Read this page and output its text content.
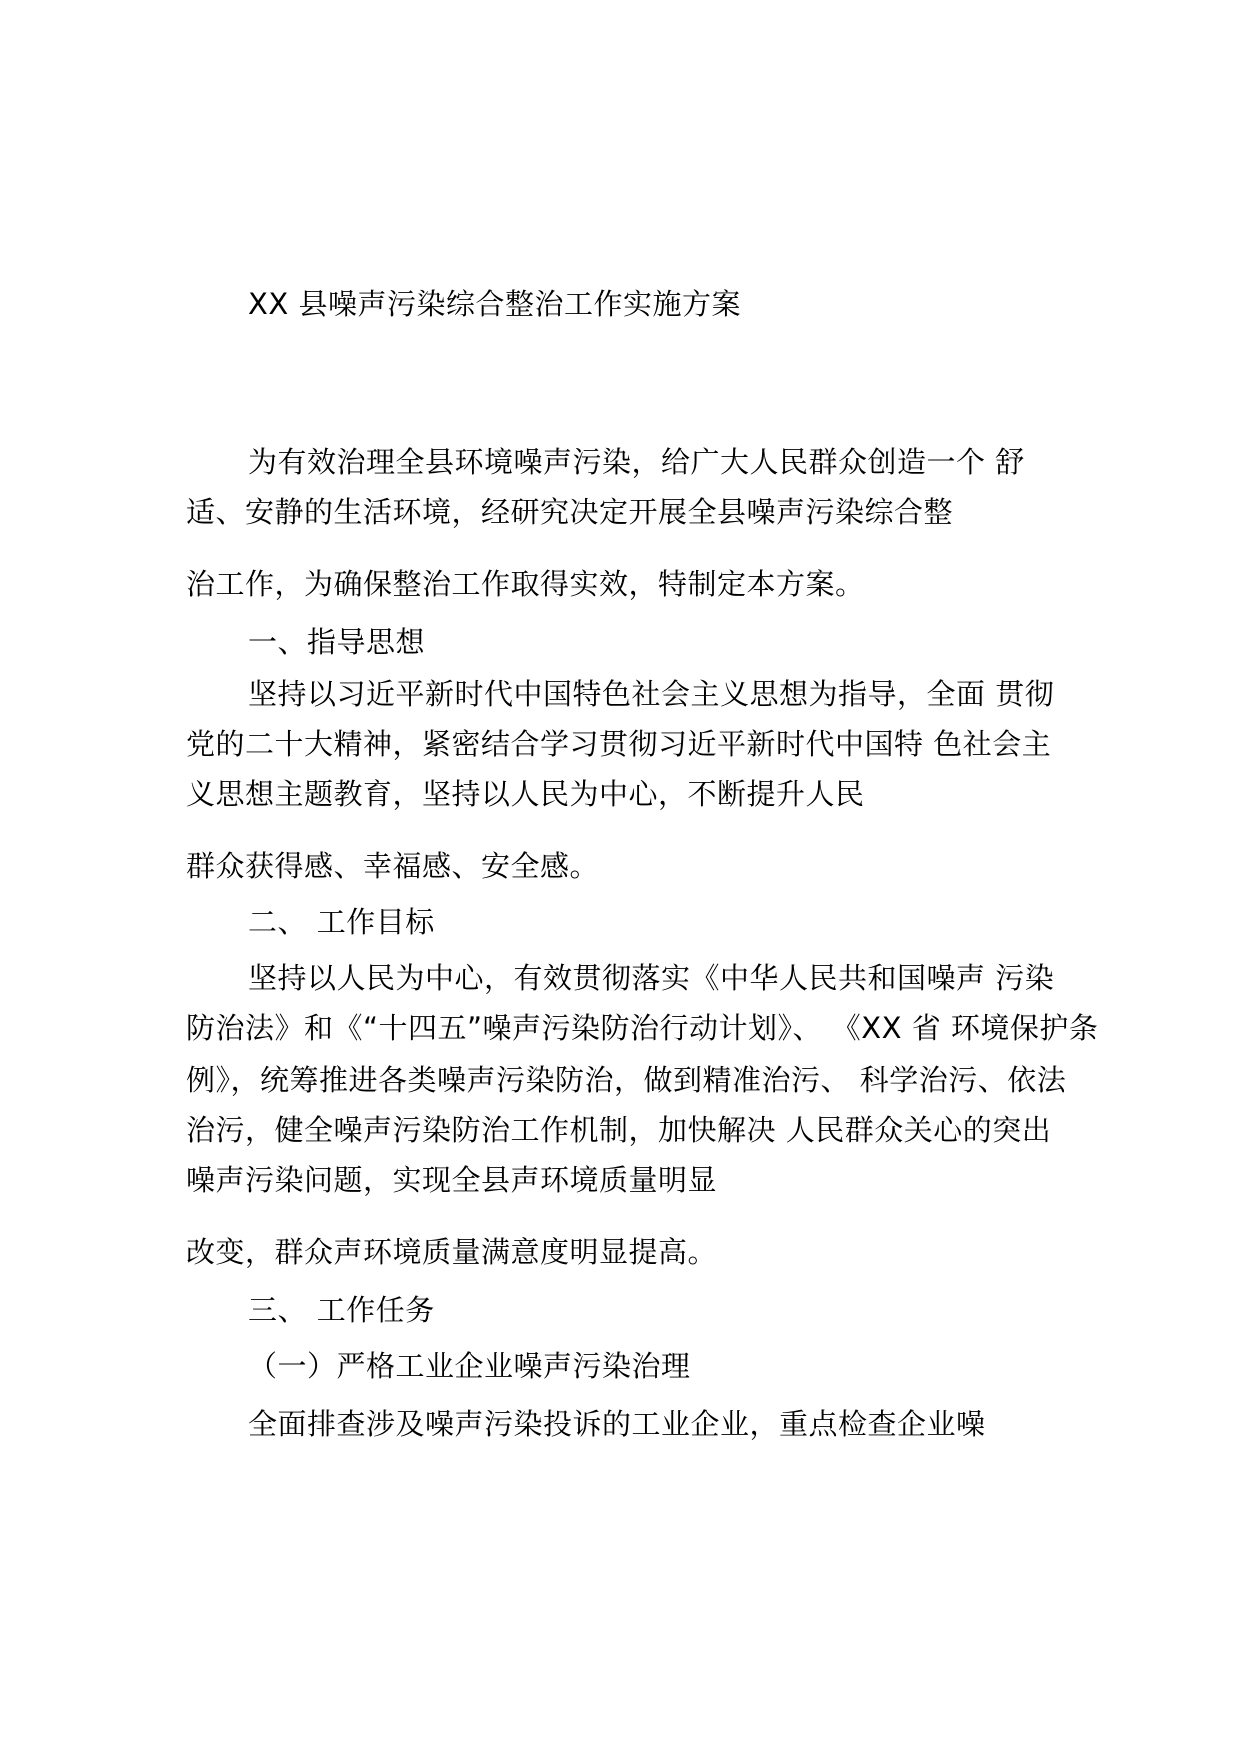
XX 县噪声污染综合整治工作实施方案
为有效治理全县环境噪声污染，给广大人民群众创造一个 舒
适、安静的生活环境，经研究决定开展全县噪声污染综合整
治工作，为确保整治工作取得实效，特制定本方案。
一、指导思想
坚持以习近平新时代中国特色社会主义思想为指导，全面 贯彻
党的二十大精神，紧密结合学习贯彻习近平新时代中国特 色社会主
义思想主题教育，坚持以人民为中心，不断提升人民
群众获得感、幸福感、安全感。
二、 工作目标
坚持以人民为中心，有效贯彻落实《中华人民共和国噪声 污染
防治法》和《“十四五”噪声污染防治行动计划》、 《XX 省 环境保护条
例》，统筹推进各类噪声污染防治，做到精准治污、 科学治污、依法
治污，健全噪声污染防治工作机制，加快解决 人民群众关心的突出
噪声污染问题，实现全县声环境质量明显
改变，群众声环境质量满意度明显提高。
三、 工作任务
（一）严格工业企业噪声污染治理
全面排查涉及噪声污染投诉的工业企业，重点检查企业噪
